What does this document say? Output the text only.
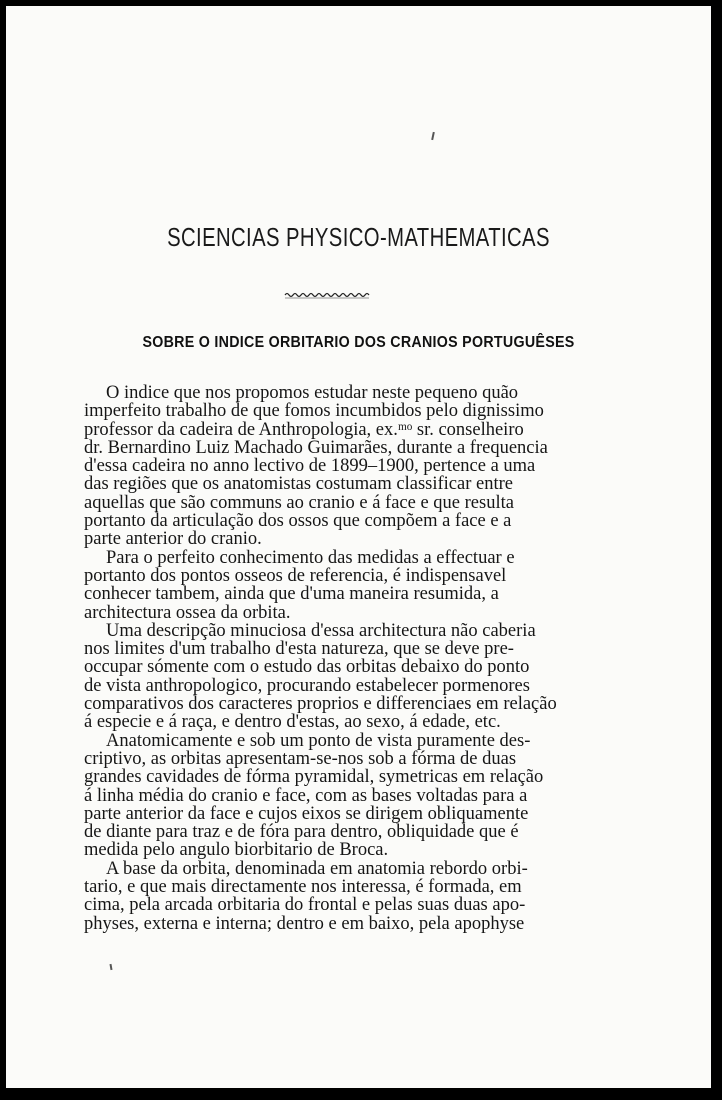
SCIENCIAS PHYSICO-MATHEMATICAS
SOBRE O INDICE ORBITARIO DOS CRANIOS PORTUGUÊSES
O indice que nos propomos estudar neste pequeno quão
imperfeito trabalho de que fomos incumbidos pelo dignissimo
professor da cadeira de Anthropologia, ex.ᵐᵒ sr. conselheiro
dr. Bernardino Luiz Machado Guimarães, durante a frequencia
d'essa cadeira no anno lectivo de 1899–1900, pertence a uma
das regiões que os anatomistas costumam classificar entre
aquellas que são communs ao cranio e á face e que resulta
portanto da articulação dos ossos que compõem a face e a
parte anterior do cranio.
Para o perfeito conhecimento das medidas a effectuar e
portanto dos pontos osseos de referencia, é indispensavel
conhecer tambem, ainda que d'uma maneira resumida, a
architectura ossea da orbita.
Uma descripção minuciosa d'essa architectura não caberia
nos limites d'um trabalho d'esta natureza, que se deve pre-
occupar sómente com o estudo das orbitas debaixo do ponto
de vista anthropologico, procurando estabelecer pormenores
comparativos dos caracteres proprios e differenciaes em relação
á especie e á raça, e dentro d'estas, ao sexo, á edade, etc.
Anatomicamente e sob um ponto de vista puramente des-
criptivo, as orbitas apresentam-se-nos sob a fórma de duas
grandes cavidades de fórma pyramidal, symetricas em relação
á linha média do cranio e face, com as bases voltadas para a
parte anterior da face e cujos eixos se dirigem obliquamente
de diante para traz e de fóra para dentro, obliquidade que é
medida pelo angulo biorbitario de Broca.
A base da orbita, denominada em anatomia rebordo orbi-
tario, e que mais directamente nos interessa, é formada, em
cima, pela arcada orbitaria do frontal e pelas suas duas apo-
physes, externa e interna; dentro e em baixo, pela apophyse
